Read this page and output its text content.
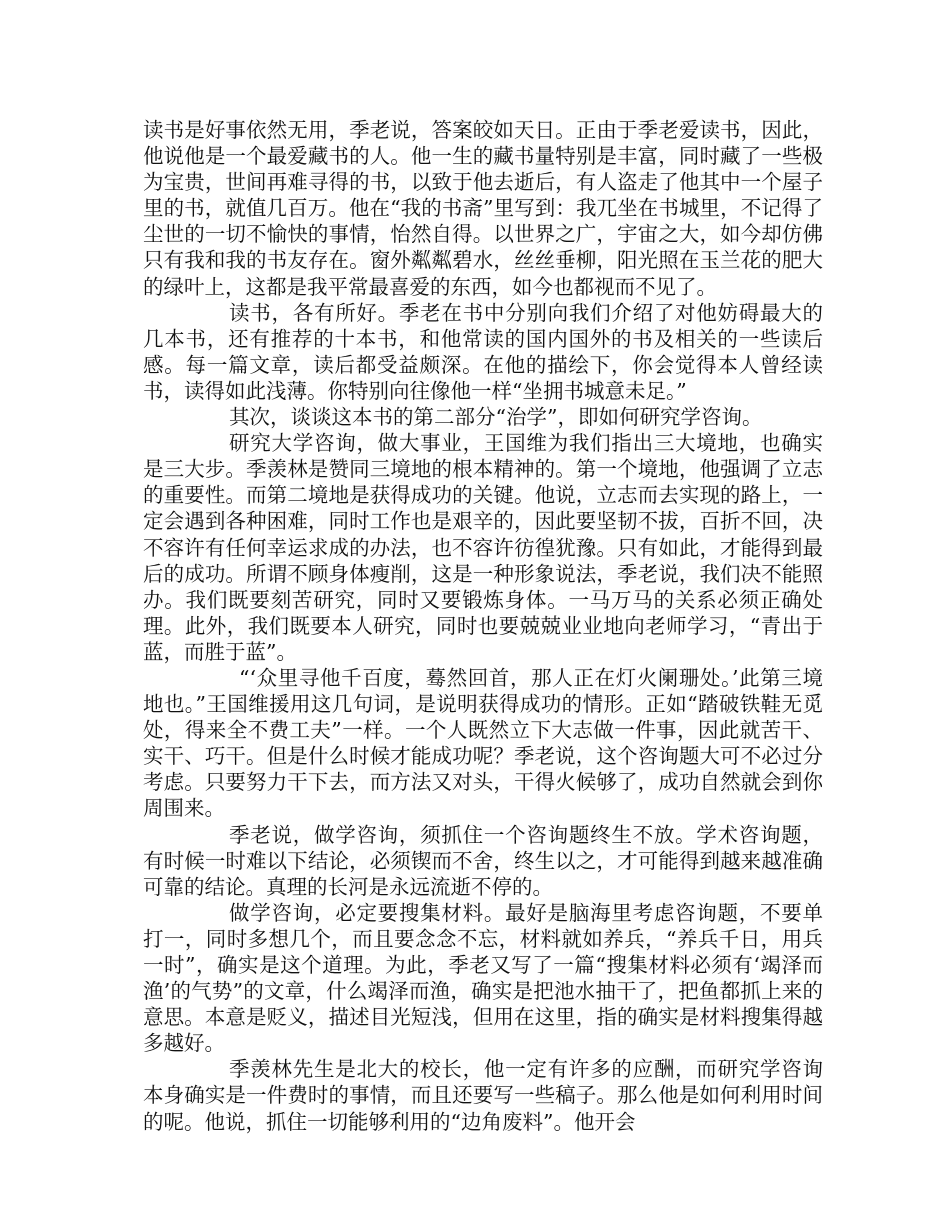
读书是好事依然无用，季老说，答案皎如天日。正由于季老爱读书，因此，他说他是一个最爱藏书的人。他一生的藏书量特别是丰富，同时藏了一些极为宝贵，世间再难寻得的书，以致于他去逝后，有人盗走了他其中一个屋子里的书，就值几百万。他在“我的书斋”里写到：我兀坐在书城里，不记得了尘世的一切不愉快的事情，怡然自得。以世界之广，宇宙之大，如今却仿佛只有我和我的书友存在。窗外粼粼碧水，丝丝垂柳，阳光照在玉兰花的肥大的绿叶上，这都是我平常最喜爱的东西，如今也都视而不见了。

读书，各有所好。季老在书中分别向我们介绍了对他妨碍最大的几本书，还有推荐的十本书，和他常读的国内国外的书及相关的一些读后感。每一篇文章，读后都受益颇深。在他的描绘下，你会觉得本人曾经读书，读得如此浅薄。你特别向往像他一样“坐拥书城意未足。”

其次，谈谈这本书的第二部分“治学”，即如何研究学咨询。

研究大学咨询，做大事业，王国维为我们指出三大境地，也确实是三大步。季羡林是赞同三境地的根本精神的。第一个境地，他强调了立志的重要性。而第二境地是获得成功的关键。他说，立志而去实现的路上，一定会遇到各种困难，同时工作也是艰辛的，因此要坚韧不拔，百折不回，决不容许有任何幸运求成的办法，也不容许彷徨犹豫。只有如此，才能得到最后的成功。所谓不顾身体瘦削，这是一种形象说法，季老说，我们决不能照办。我们既要刻苦研究，同时又要锻炼身体。一马万马的关系必须正确处理。此外，我们既要本人研究，同时也要兢兢业业地向老师学习，“青出于蓝，而胜于蓝”。

“‘众里寻他千百度，蓦然回首，那人正在灯火阑珊处。’此第三境地也。”王国维援用这几句词，是说明获得成功的情形。正如“踏破铁鞋无觅处，得来全不费工夫”一样。一个人既然立下大志做一件事，因此就苦干、实干、巧干。但是什么时候才能成功呢？季老说，这个咨询题大可不必过分考虑。只要努力干下去，而方法又对头，干得火候够了，成功自然就会到你周围来。

季老说，做学咨询，须抓住一个咨询题终生不放。学术咨询题，有时候一时难以下结论，必须锲而不舍，终生以之，才可能得到越来越准确可靠的结论。真理的长河是永远流逝不停的。

做学咨询，必定要搜集材料。最好是脑海里考虑咨询题，不要单打一，同时多想几个，而且要念念不忘，材料就如养兵，“养兵千日，用兵一时”，确实是这个道理。为此，季老又写了一篇“搜集材料必须有‘竭泽而渔’的气势”的文章，什么竭泽而渔，确实是把池水抽干了，把鱼都抓上来的意思。本意是贬义，描述目光短浅，但用在这里，指的确实是材料搜集得越多越好。

季羡林先生是北大的校长，他一定有许多的应酬，而研究学咨询本身确实是一件费时的事情，而且还要写一些稿子。那么他是如何利用时间的呢。他说，抓住一切能够利用的“边角废料”。他开会
